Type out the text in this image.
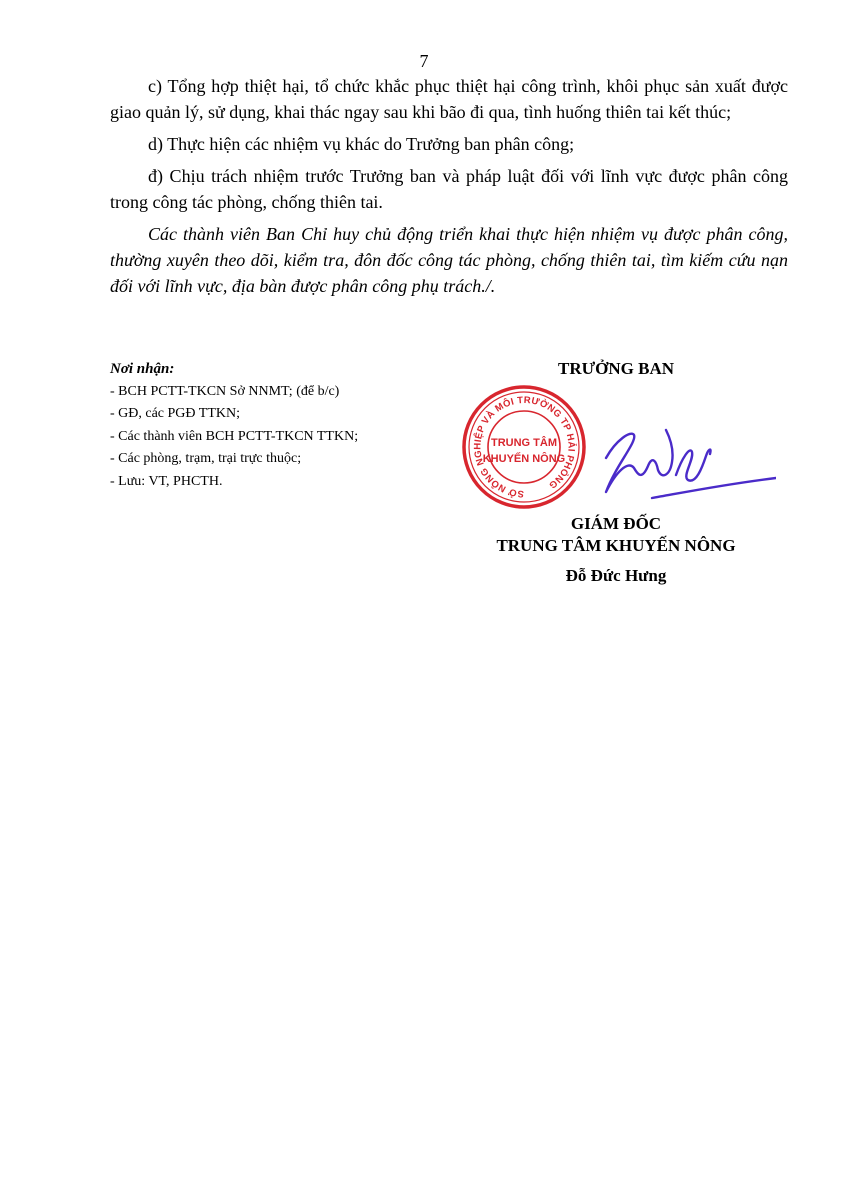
7

c) Tổng hợp thiệt hại, tổ chức khắc phục thiệt hại công trình, khôi phục sản xuất được giao quản lý, sử dụng, khai thác ngay sau khi bão đi qua, tình huống thiên tai kết thúc;

d) Thực hiện các nhiệm vụ khác do Trưởng ban phân công;

đ) Chịu trách nhiệm trước Trưởng ban và pháp luật đối với lĩnh vực được phân công trong công tác phòng, chống thiên tai.

Các thành viên Ban Chỉ huy chủ động triển khai thực hiện nhiệm vụ được phân công, thường xuyên theo dõi, kiểm tra, đôn đốc công tác phòng, chống thiên tai, tìm kiếm cứu nạn đối với lĩnh vực, địa bàn được phân công phụ trách./.

Nơi nhận:
- BCH PCTT-TKCN Sở NNMT; (để b/c)
- GĐ, các PGĐ TTKN;
- Các thành viên BCH PCTT-TKCN TTKN;
- Các phòng, trạm, trại trực thuộc;
- Lưu: VT, PHCTH.
TRƯỞNG BAN
SỞ NÔNG NGHIỆP VÀ MÔI TRƯỜNG TP HẢI PHÒNG
TRUNG TÂM
KHUYẾN NÔNG
GIÁM ĐỐC
TRUNG TÂM KHUYẾN NÔNG
Đỗ Đức Hưng
